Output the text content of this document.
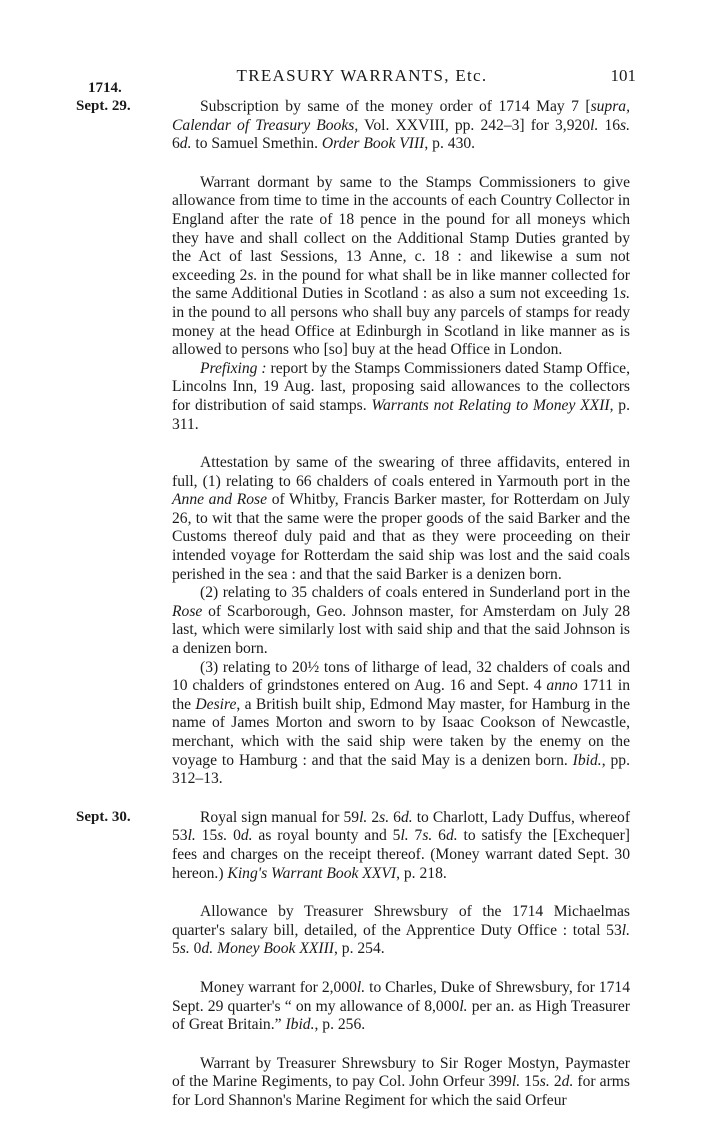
TREASURY WARRANTS, Etc.	101
1714.
Sept. 29.
Sept. 30.

Subscription by same of the money order of 1714 May 7 [supra, Calendar of Treasury Books, Vol. XXVIII, pp. 242–3] for 3,920l. 16s. 6d. to Samuel Smethin. Order Book VIII, p. 430.

Warrant dormant by same to the Stamps Commissioners to give allowance from time to time in the accounts of each Country Collector in England after the rate of 18 pence in the pound for all moneys which they have and shall collect on the Additional Stamp Duties granted by the Act of last Sessions, 13 Anne, c. 18 : and likewise a sum not exceeding 2s. in the pound for what shall be in like manner collected for the same Additional Duties in Scotland : as also a sum not exceeding 1s. in the pound to all persons who shall buy any parcels of stamps for ready money at the head Office at Edinburgh in Scotland in like manner as is allowed to persons who [so] buy at the head Office in London.

Prefixing : report by the Stamps Commissioners dated Stamp Office, Lincolns Inn, 19 Aug. last, proposing said allowances to the collectors for distribution of said stamps. Warrants not Relating to Money XXII, p. 311.

Attestation by same of the swearing of three affidavits, entered in full, (1) relating to 66 chalders of coals entered in Yarmouth port in the Anne and Rose of Whitby, Francis Barker master, for Rotterdam on July 26, to wit that the same were the proper goods of the said Barker and the Customs thereof duly paid and that as they were proceeding on their intended voyage for Rotterdam the said ship was lost and the said coals perished in the sea : and that the said Barker is a denizen born.

(2) relating to 35 chalders of coals entered in Sunderland port in the Rose of Scarborough, Geo. Johnson master, for Amsterdam on July 28 last, which were similarly lost with said ship and that the said Johnson is a denizen born.

(3) relating to 20½ tons of litharge of lead, 32 chalders of coals and 10 chalders of grindstones entered on Aug. 16 and Sept. 4 anno 1711 in the Desire, a British built ship, Edmond May master, for Hamburg in the name of James Morton and sworn to by Isaac Cookson of Newcastle, merchant, which with the said ship were taken by the enemy on the voyage to Hamburg : and that the said May is a denizen born. Ibid., pp. 312–13.

Royal sign manual for 59l. 2s. 6d. to Charlott, Lady Duffus, whereof 53l. 15s. 0d. as royal bounty and 5l. 7s. 6d. to satisfy the [Exchequer] fees and charges on the receipt thereof. (Money warrant dated Sept. 30 hereon.) King's Warrant Book XXVI, p. 218.

Allowance by Treasurer Shrewsbury of the 1714 Michaelmas quarter's salary bill, detailed, of the Apprentice Duty Office : total 53l. 5s. 0d. Money Book XXIII, p. 254.

Money warrant for 2,000l. to Charles, Duke of Shrewsbury, for 1714 Sept. 29 quarter's “ on my allowance of 8,000l. per an. as High Treasurer of Great Britain.” Ibid., p. 256.

Warrant by Treasurer Shrewsbury to Sir Roger Mostyn, Paymaster of the Marine Regiments, to pay Col. John Orfeur 399l. 15s. 2d. for arms for Lord Shannon's Marine Regiment for which the said Orfeur
